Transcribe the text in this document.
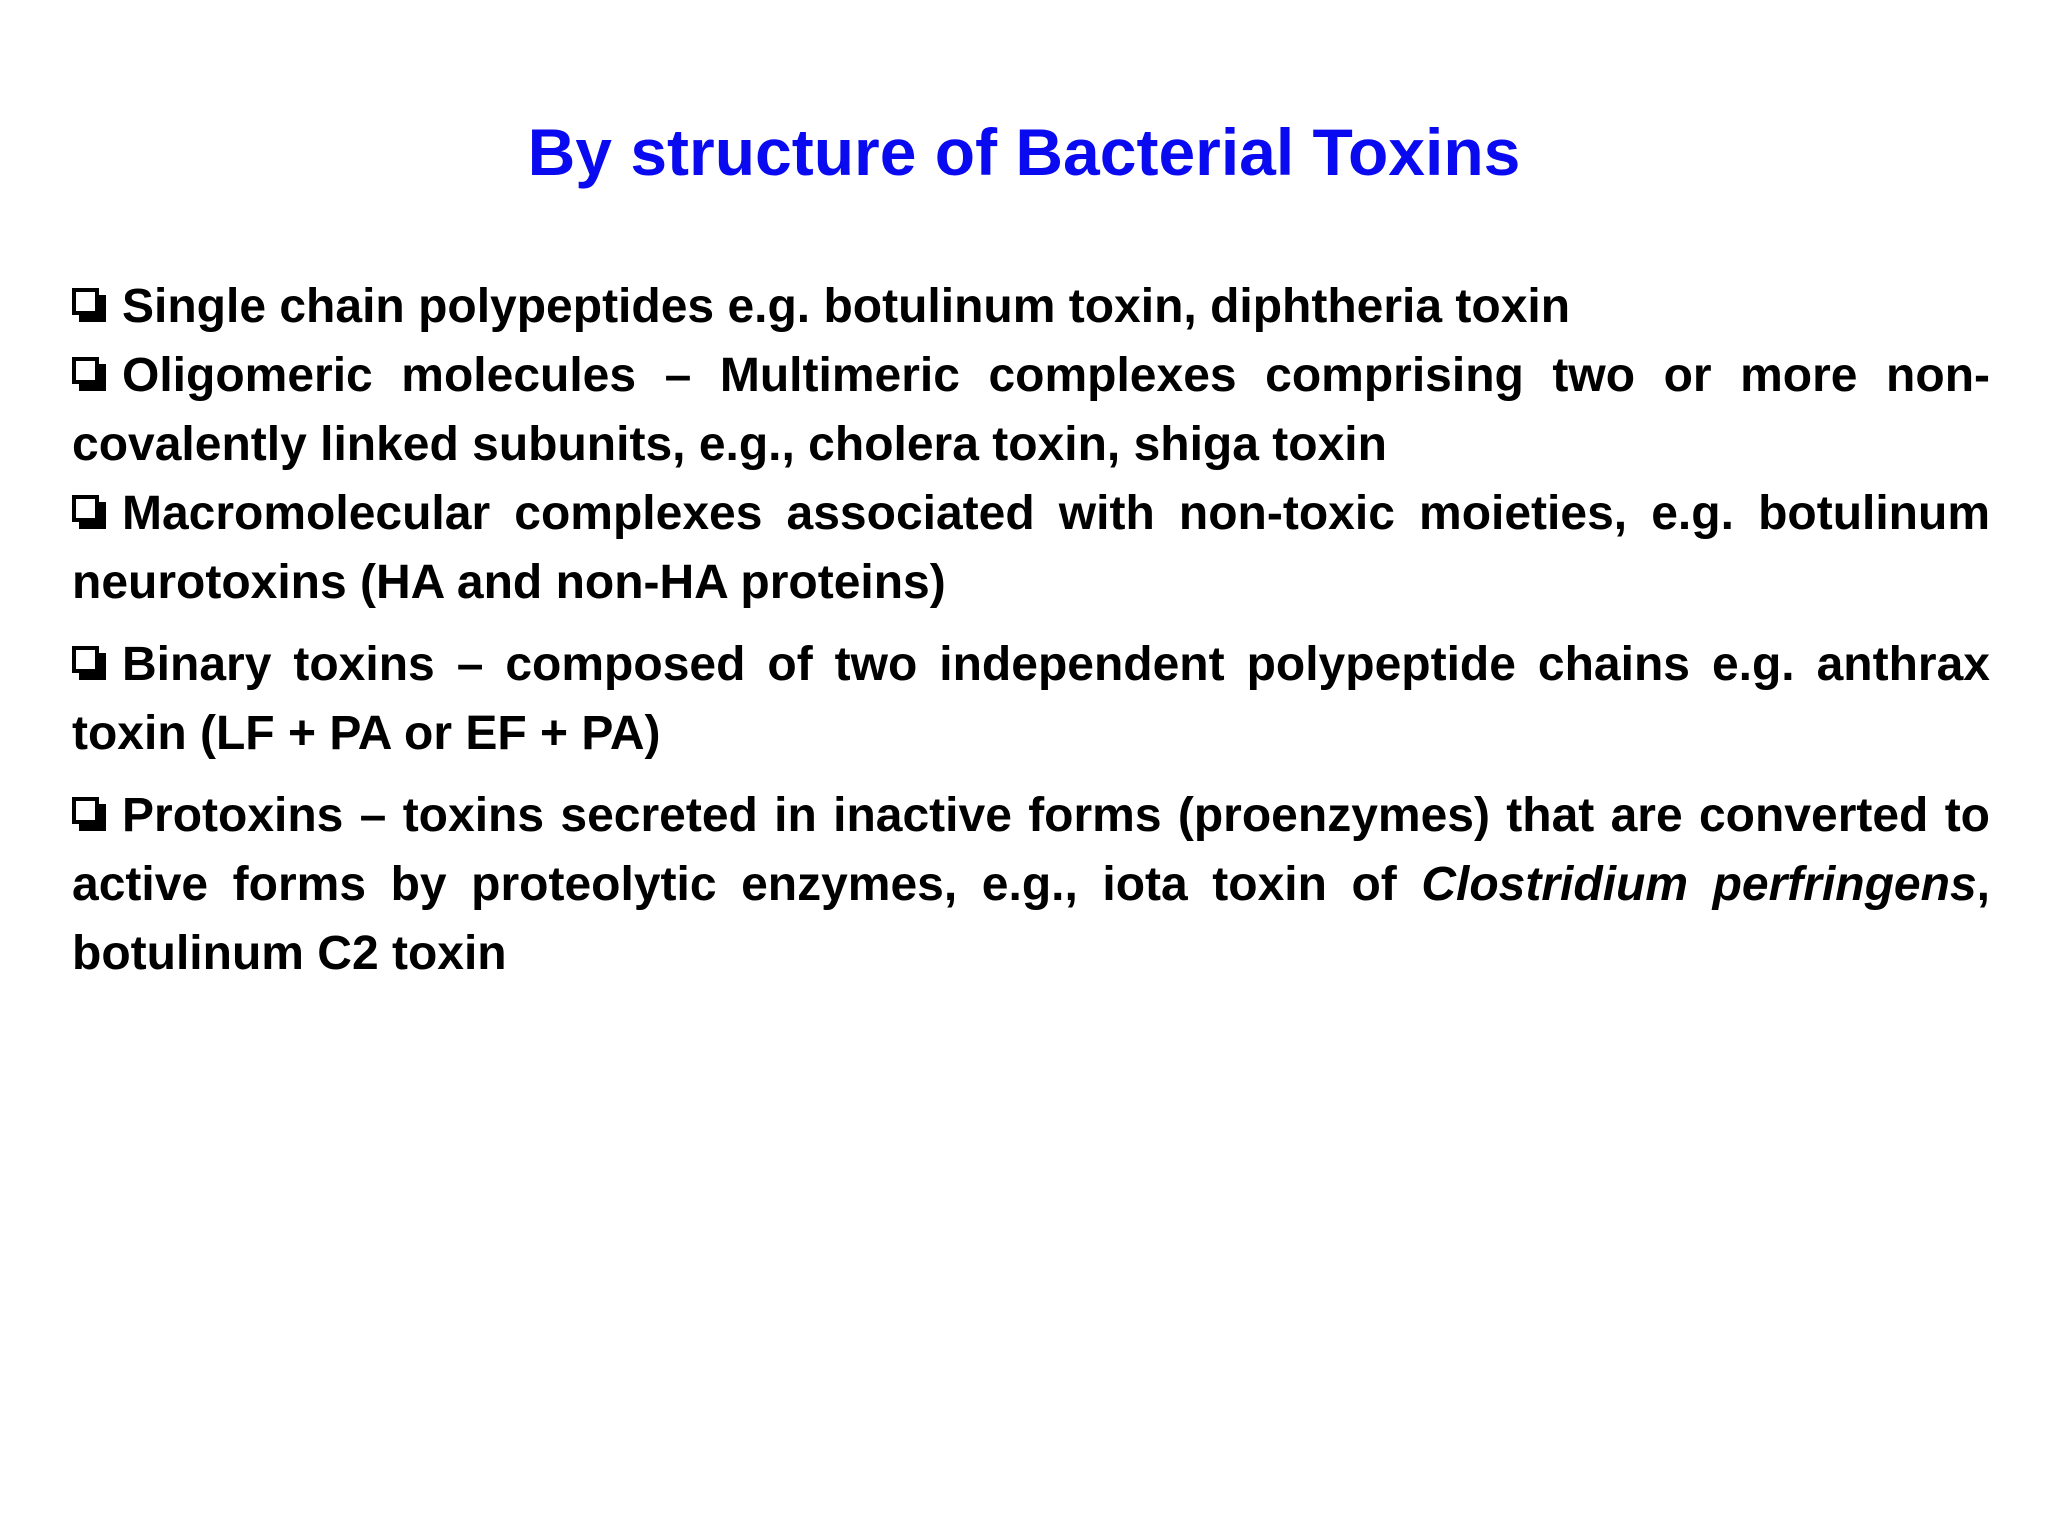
By structure of Bacterial Toxins

Single chain polypeptides e.g. botulinum toxin, diphtheria toxin

Oligomeric molecules – Multimeric complexes comprising two or more non-covalently linked subunits, e.g., cholera toxin, shiga toxin

Macromolecular complexes associated with non-toxic moieties, e.g. botulinum neurotoxins (HA and non-HA proteins)

Binary toxins – composed of two independent polypeptide chains e.g. anthrax toxin (LF + PA or EF + PA)

Protoxins – toxins secreted in inactive forms (proenzymes) that are converted to active forms by proteolytic enzymes, e.g., iota toxin of Clostridium perfringens, botulinum C2 toxin
